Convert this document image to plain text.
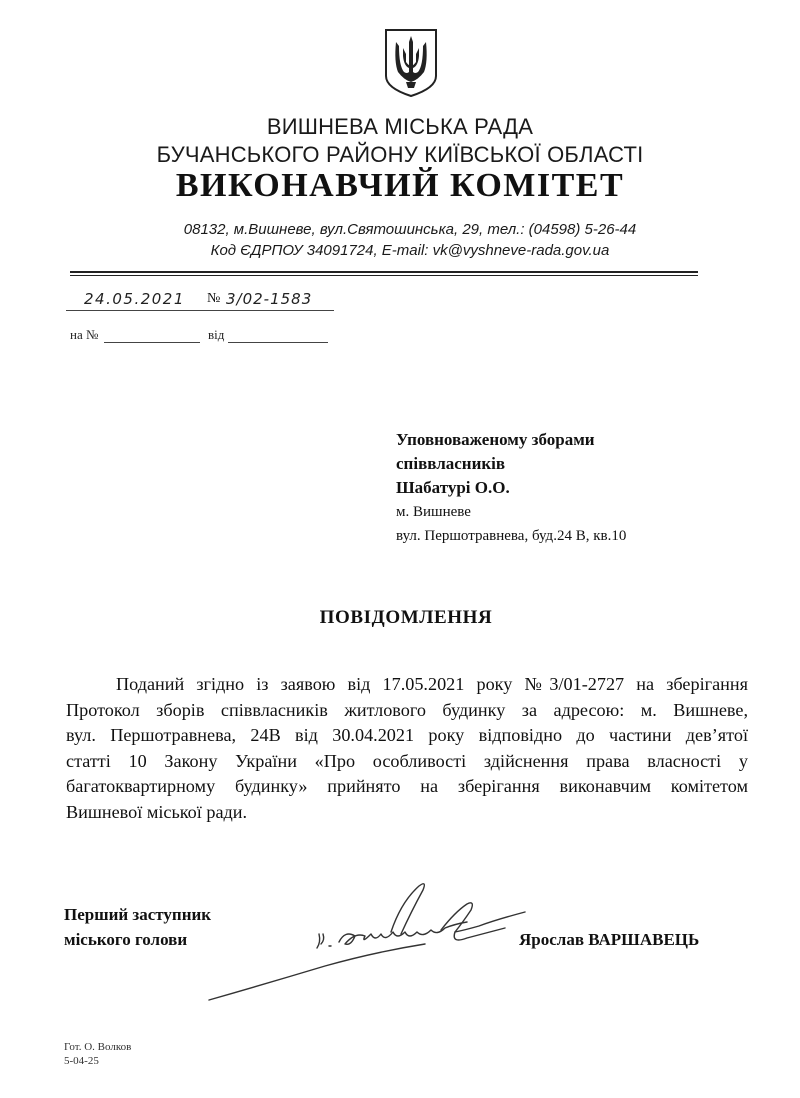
ВИШНЕВА МІСЬКА РАДА
БУЧАНСЬКОГО РАЙОНУ КИЇВСЬКОЇ ОБЛАСТІ
ВИКОНАВЧИЙ КОМІТЕТ
08132, м.Вишневе, вул.Святошинська, 29, тел.: (04598) 5-26-44
Код ЄДРПОУ 34091724, E-mail: vk@vyshneve-rada.gov.ua
24.05.2021 № 3/02-1583
на №	від
Уповноваженому зборами
співвласників
Шабатурі О.О.
м. Вишневе
вул. Першотравнева, буд.24 В, кв.10
ПОВІДОМЛЕННЯ
Поданий згідно із заявою від 17.05.2021 року №3/01-2727 на зберігання
Протокол зборів співвласників житлового будинку за адресою: м. Вишневе,
вул. Першотравнева, 24В від 30.04.2021 року відповідно до частини дев’ятої
статті 10 Закону України «Про особливості здійснення права власності у
багатоквартирному будинку» прийнято на зберігання виконавчим комітетом
Вишневої міської ради.
Перший заступник
міського голови	Ярослав ВАРШАВЕЦЬ
Гот. О. Волков
5-04-25
